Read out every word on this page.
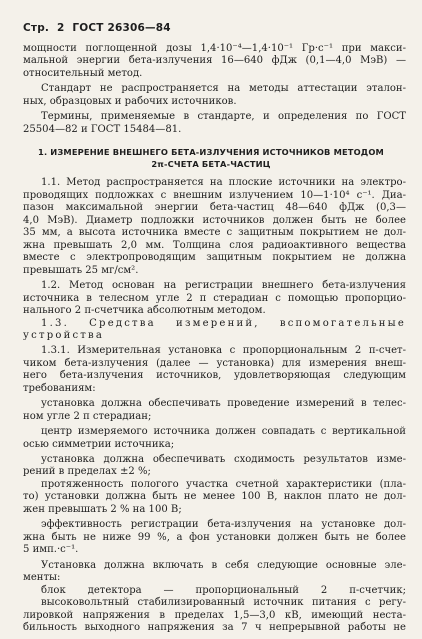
Стр. 2 ГОСТ 26306—84
мощности поглощенной дозы 1,4·10⁻⁴—1,4·10⁻¹ Гр·с⁻¹ при макси-
мальной энергии бета-излучения 16—640 фДж (0,1—4,0 МэВ) —
относительный метод.
Стандарт не распространяется на методы аттестации эталон-
ных, образцовых и рабочих источников.
Термины, применяемые в стандарте, и определения по ГОСТ
25504—82 и ГОСТ 15484—81.
1. ИЗМЕРЕНИЕ ВНЕШНЕГО БЕТА-ИЗЛУЧЕНИЯ ИСТОЧНИКОВ МЕТОДОМ
2π-СЧЕТА БЕТА-ЧАСТИЦ
1.1. Метод распространяется на плоские источники на электро-
проводящих подложках с внешним излучением 10—1·10⁴ с⁻¹. Диа-
пазон максимальной энергии бета-частиц 48—640 фДж (0,3—
4,0 МэВ). Диаметр подложки источников должен быть не более
35 мм, а высота источника вместе с защитным покрытием не дол-
жна превышать 2,0 мм. Толщина слоя радиоактивного вещества
вместе с электропроводящим защитным покрытием не должна
превышать 25 мг/см².
1.2. Метод основан на регистрации внешнего бета-излучения
источника в телесном угле 2 π стерадиан с помощью пропорцио-
нального 2 π-счетчика абсолютным методом.
1.3. Средства измерений, вспомогательные
устройства
1.3.1. Измерительная установка с пропорциональным 2 π-счет-
чиком бета-излучения (далее — установка) для измерения внеш-
него бета-излучения источников, удовлетворяющая следующим
требованиям:
установка должна обеспечивать проведение измерений в телес-
ном угле 2 π стерадиан;
центр измеряемого источника должен совпадать с вертикальной
осью симметрии источника;
установка должна обеспечивать сходимость результатов изме-
рений в пределах ±2 %;
протяженность пологого участка счетной характеристики (пла-
то) установки должна быть не менее 100 В, наклон плато не дол-
жен превышать 2 % на 100 В;
эффективность регистрации бета-излучения на установке дол-
жна быть не ниже 99 %, а фон установки должен быть не более
5 имп.·с⁻¹.
Установка должна включать в себя следующие основные эле-
менты:
блок детектора — пропорциональный 2 π-счетчик;
высоковольтный стабилизированный источник питания с регу-
лировкой напряжения в пределах 1,5—3,0 кВ, имеющий неста-
бильность выходного напряжения за 7 ч непрерывной работы не
